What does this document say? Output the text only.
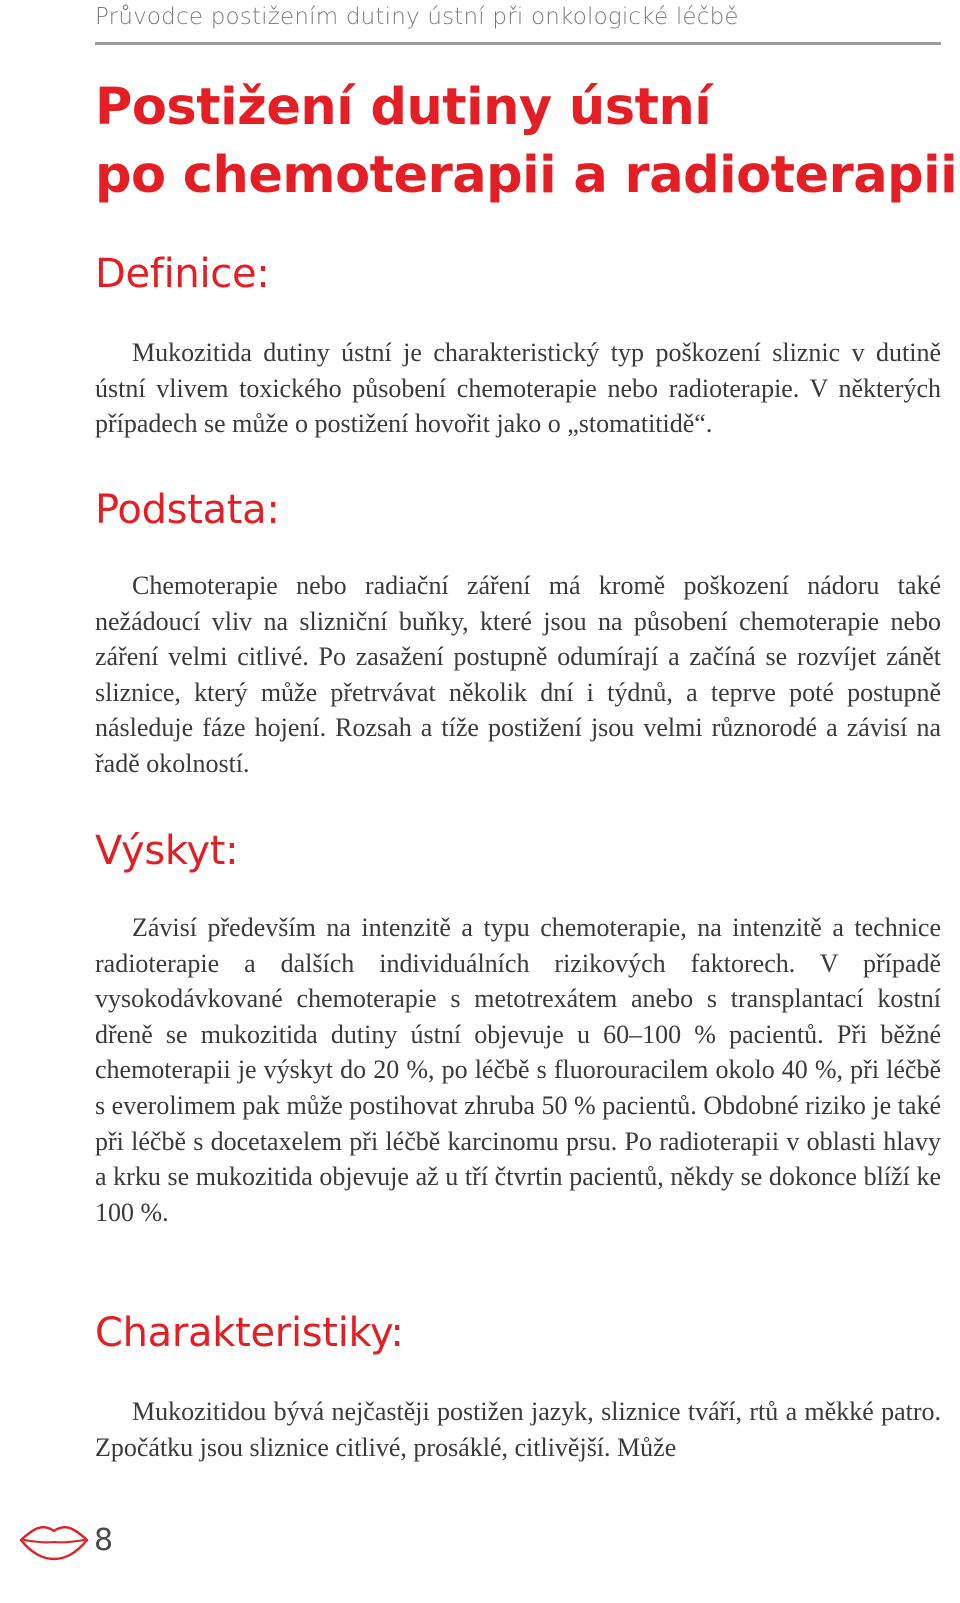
Průvodce postižením dutiny ústní při onkologické léčbě
Postižení dutiny ústní
po chemoterapii a radioterapii
Definice:

Mukozitida dutiny ústní je charakteristický typ poškození sliznic v dutině ústní vlivem toxického působení chemoterapie nebo radioterapie. V některých případech se může o postižení hovořit jako o „stomatitidě“.

Podstata:

Chemoterapie nebo radiační záření má kromě poškození nádoru také nežádoucí vliv na slizniční buňky, které jsou na působení chemoterapie nebo záření velmi citlivé. Po zasažení postupně odumírají a začíná se rozvíjet zánět sliznice, který může přetrvávat několik dní i týdnů, a teprve poté postupně následuje fáze hojení. Rozsah a tíže postižení jsou velmi různorodé a závisí na řadě okolností.

Výskyt:

Závisí především na intenzitě a typu chemoterapie, na intenzitě a technice radioterapie a dalších individuálních rizikových faktorech. V případě vysokodávkované chemoterapie s metotrexátem anebo s transplantací kostní dřeně se mukozitida dutiny ústní objevuje u 60–100 % pacientů. Při běžné chemoterapii je výskyt do 20 %, po léčbě s fluorouracilem okolo 40 %, při léčbě s everolimem pak může postihovat zhruba 50 % pacientů. Obdobné riziko je také při léčbě s docetaxelem při léčbě karcinomu prsu. Po radioterapii v oblasti hlavy a krku se mukozitida objevuje až u tří čtvrtin pacientů, někdy se dokonce blíží ke 100 %.

Charakteristiky:

Mukozitidou bývá nejčastěji postižen jazyk, sliznice tváří, rtů a měkké patro. Zpočátku jsou sliznice citlivé, prosáklé, citlivější. Může

8
